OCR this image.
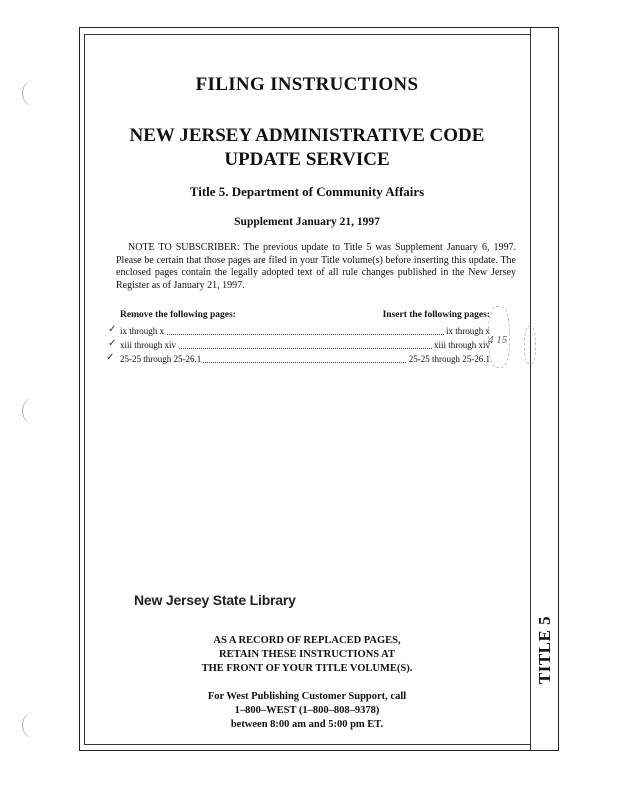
FILING INSTRUCTIONS
NEW JERSEY ADMINISTRATIVE CODE
UPDATE SERVICE
Title 5. Department of Community Affairs
Supplement January 21, 1997
NOTE TO SUBSCRIBER: The previous update to Title 5 was Supplement January 6, 1997. Please be certain that those pages are filed in your Title volume(s) before inserting this update. The enclosed pages contain the legally adopted text of all rule changes published in the New Jersey Register as of January 21, 1997.
Remove the following pages:	Insert the following pages:
ix through x	ix through x
xiii through xiv	xiii through xiv
25-25 through 25-26.1	25-25 through 25-26.1
✓
✓
✓
4 15
New Jersey State Library
AS A RECORD OF REPLACED PAGES,
RETAIN THESE INSTRUCTIONS AT
THE FRONT OF YOUR TITLE VOLUME(S).
For West Publishing Customer Support, call
1–800–WEST (1–800–808–9378)
between 8:00 am and 5:00 pm ET.
TITLE 5
